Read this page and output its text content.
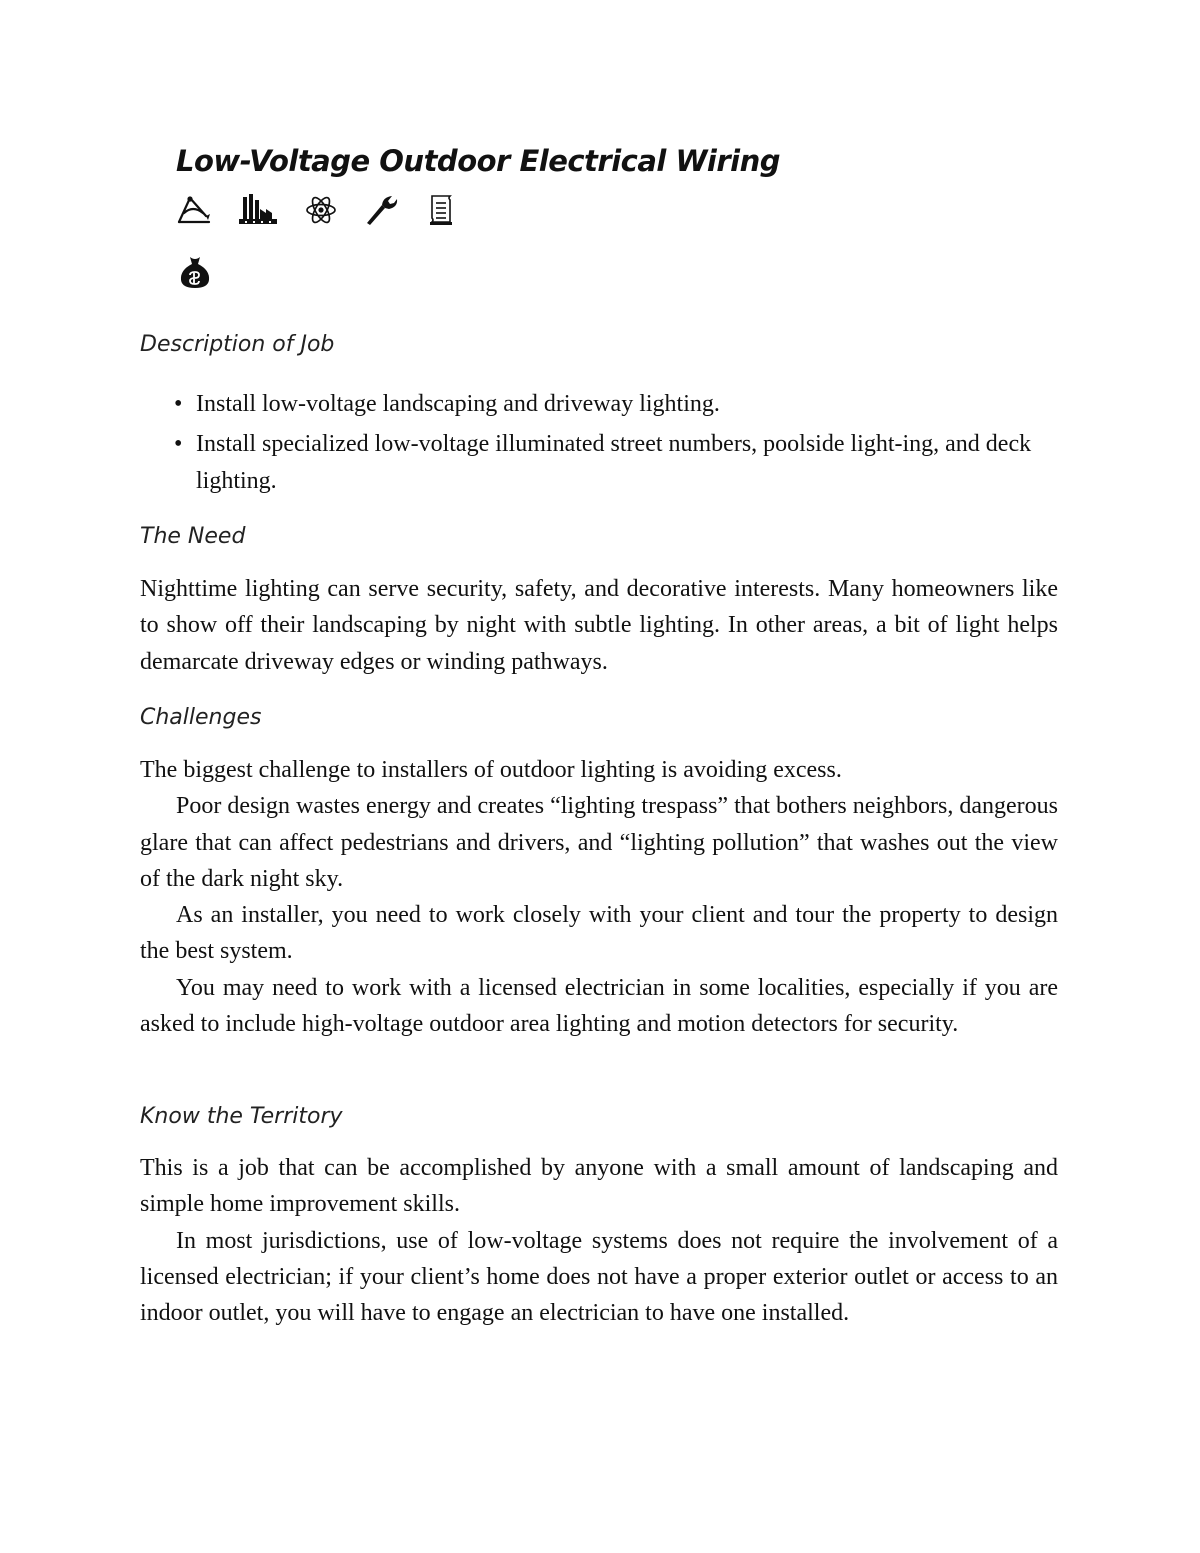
Low-Voltage Outdoor Electrical Wiring
Description of Job
• Install low-voltage landscaping and driveway lighting.
• Install specialized low-voltage illuminated street numbers, poolside light-ing, and deck lighting.
The Need

Nighttime lighting can serve security, safety, and decorative interests. Many homeowners like to show off their landscaping by night with subtle lighting. In other areas, a bit of light helps demarcate driveway edges or winding pathways.

Challenges

The biggest challenge to installers of outdoor lighting is avoiding excess.

Poor design wastes energy and creates “lighting trespass” that bothers neighbors, dangerous glare that can affect pedestrians and drivers, and “lighting pollution” that washes out the view of the dark night sky.

As an installer, you need to work closely with your client and tour the property to design the best system.

You may need to work with a licensed electrician in some localities, especially if you are asked to include high-voltage outdoor area lighting and motion detectors for security.

Know the Territory

This is a job that can be accomplished by anyone with a small amount of landscaping and simple home improvement skills.

In most jurisdictions, use of low-voltage systems does not require the involvement of a licensed electrician; if your client’s home does not have a proper exterior outlet or access to an indoor outlet, you will have to engage an electrician to have one installed.
